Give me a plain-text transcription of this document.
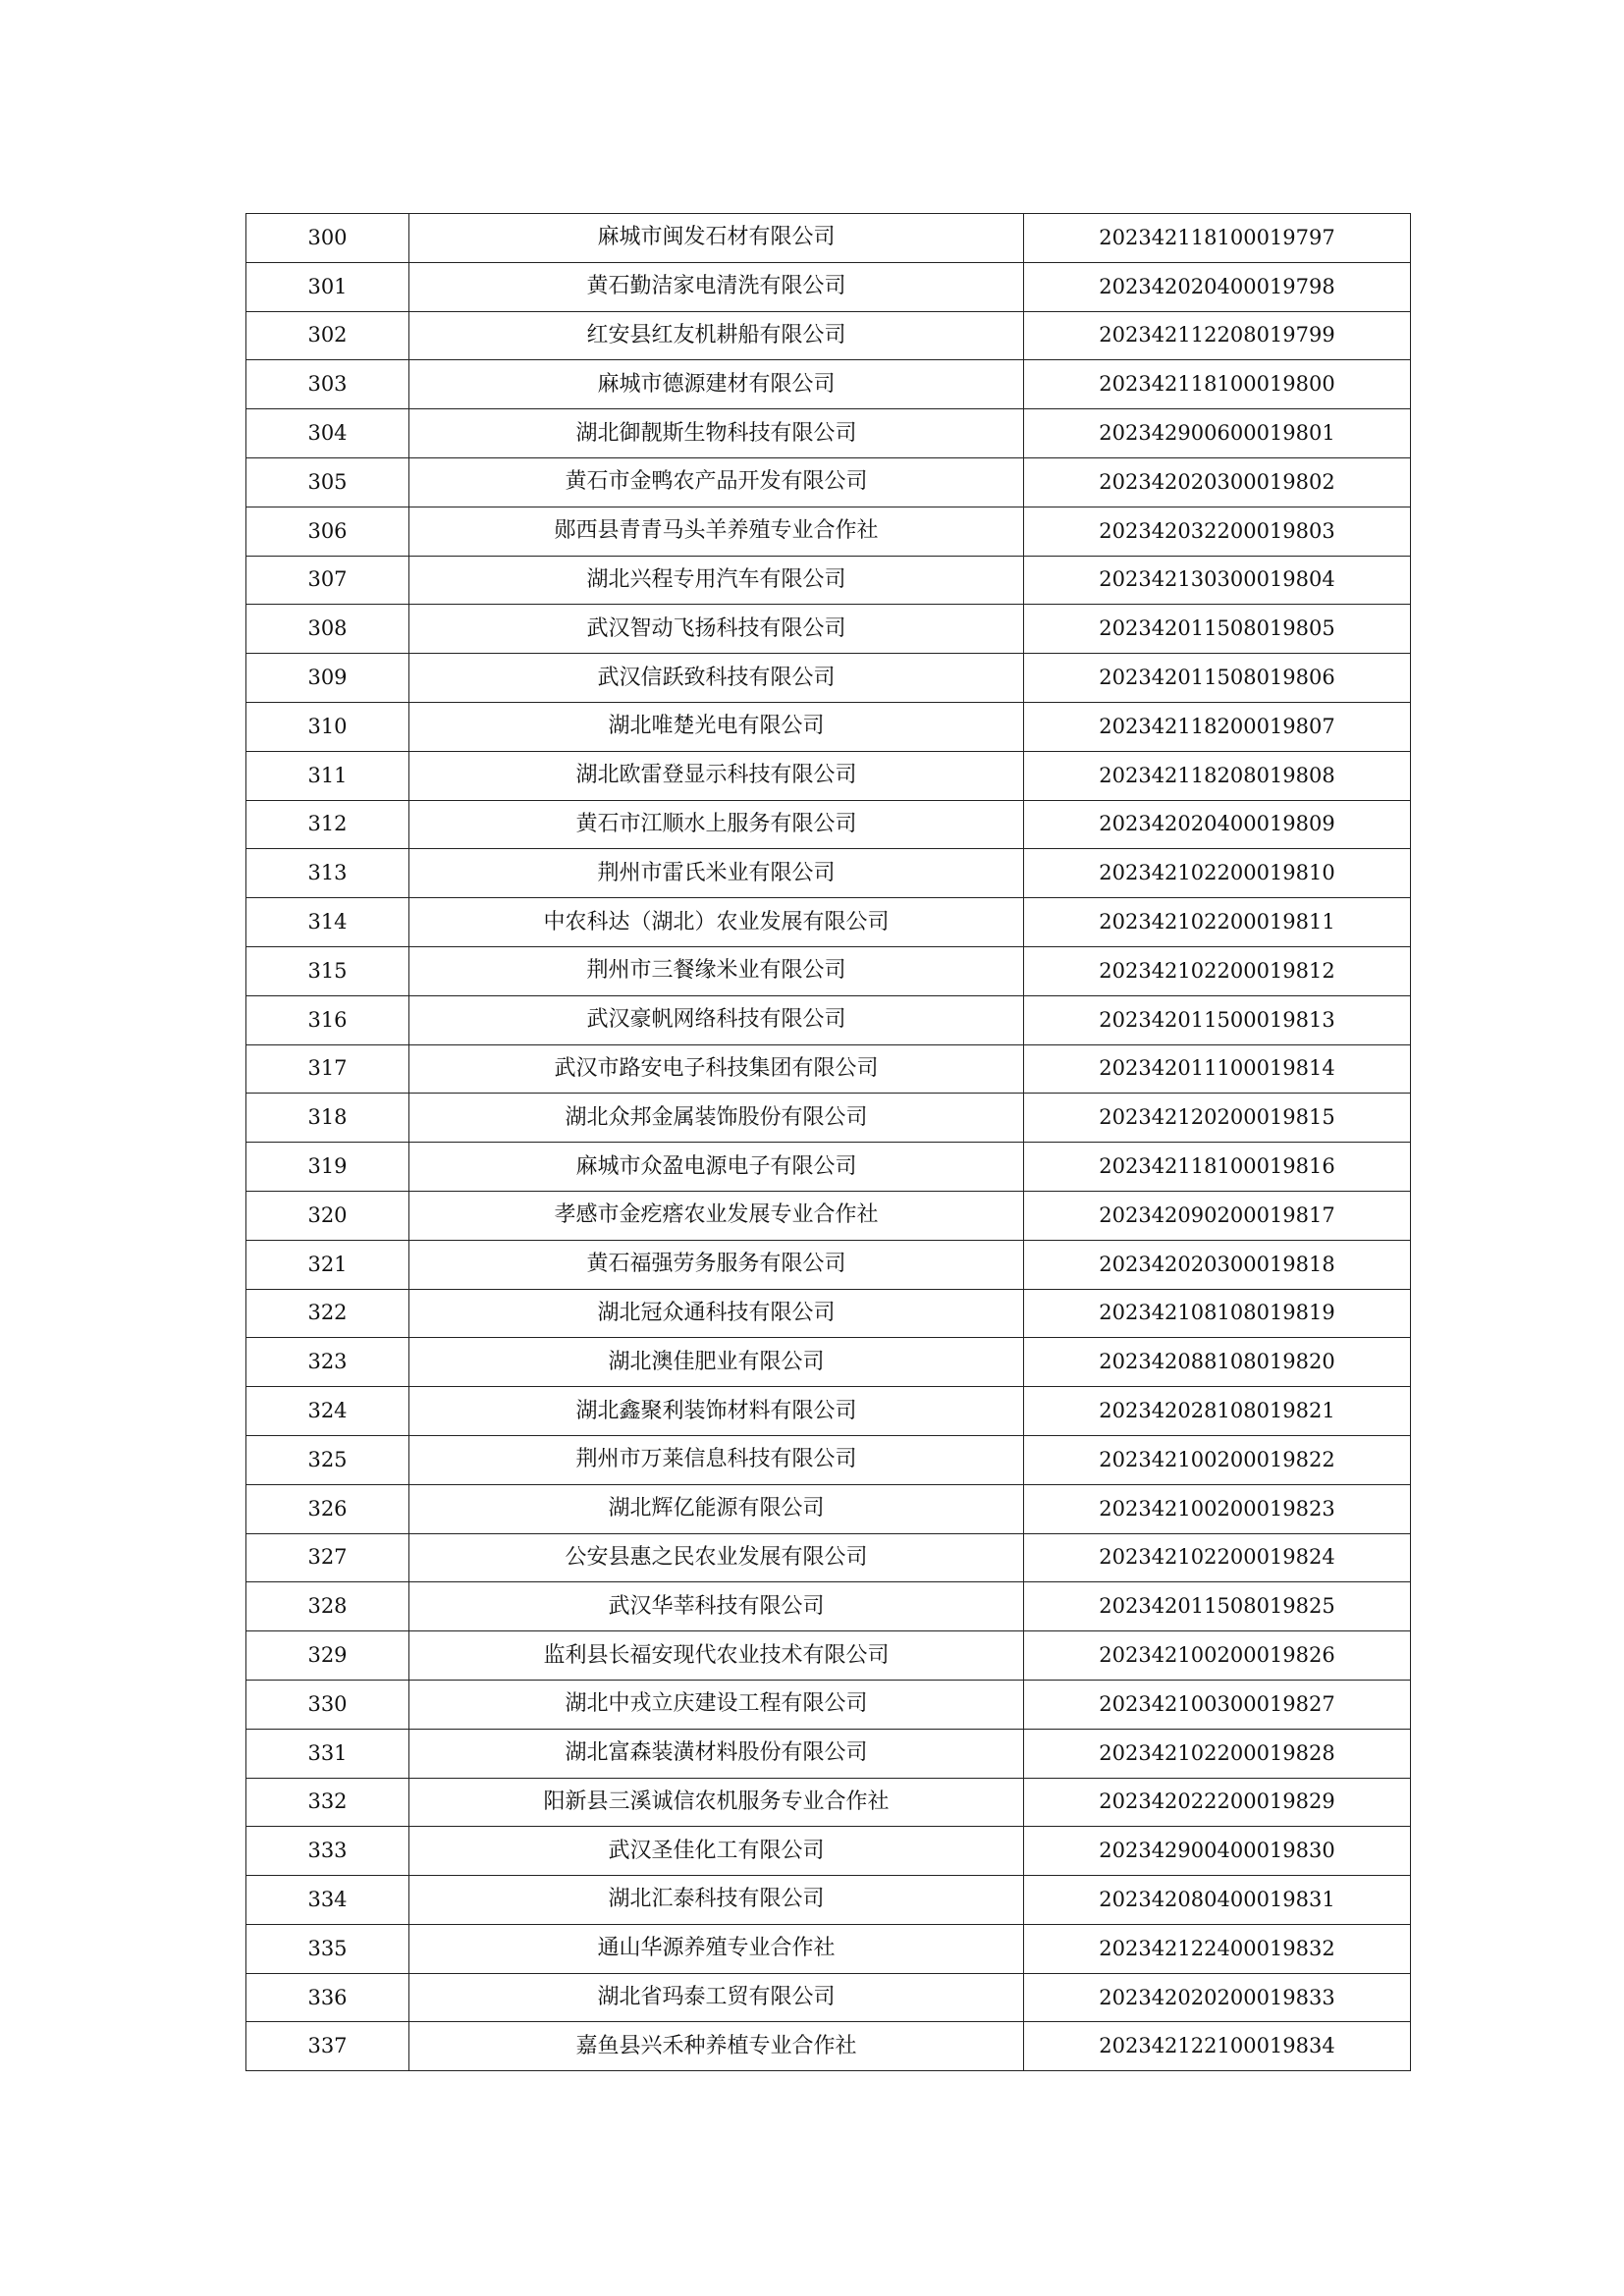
300	麻城市闽发石材有限公司	202342118100019797
301	黄石勤洁家电清洗有限公司	202342020400019798
302	红安县红友机耕船有限公司	202342112208019799
303	麻城市德源建材有限公司	202342118100019800
304	湖北御靓斯生物科技有限公司	202342900600019801
305	黄石市金鸭农产品开发有限公司	202342020300019802
306	郧西县青青马头羊养殖专业合作社	202342032200019803
307	湖北兴程专用汽车有限公司	202342130300019804
308	武汉智动飞扬科技有限公司	202342011508019805
309	武汉信跃致科技有限公司	202342011508019806
310	湖北唯楚光电有限公司	202342118200019807
311	湖北欧雷登显示科技有限公司	202342118208019808
312	黄石市江顺水上服务有限公司	202342020400019809
313	荆州市雷氏米业有限公司	202342102200019810
314	中农科达（湖北）农业发展有限公司	202342102200019811
315	荆州市三餐缘米业有限公司	202342102200019812
316	武汉豪帆网络科技有限公司	202342011500019813
317	武汉市路安电子科技集团有限公司	202342011100019814
318	湖北众邦金属装饰股份有限公司	202342120200019815
319	麻城市众盈电源电子有限公司	202342118100019816
320	孝感市金疙瘩农业发展专业合作社	202342090200019817
321	黄石福强劳务服务有限公司	202342020300019818
322	湖北冠众通科技有限公司	202342108108019819
323	湖北澳佳肥业有限公司	202342088108019820
324	湖北鑫聚利装饰材料有限公司	202342028108019821
325	荆州市万莱信息科技有限公司	202342100200019822
326	湖北辉亿能源有限公司	202342100200019823
327	公安县惠之民农业发展有限公司	202342102200019824
328	武汉华莘科技有限公司	202342011508019825
329	监利县长福安现代农业技术有限公司	202342100200019826
330	湖北中戎立庆建设工程有限公司	202342100300019827
331	湖北富森装潢材料股份有限公司	202342102200019828
332	阳新县三溪诚信农机服务专业合作社	202342022200019829
333	武汉圣佳化工有限公司	202342900400019830
334	湖北汇泰科技有限公司	202342080400019831
335	通山华源养殖专业合作社	202342122400019832
336	湖北省玛泰工贸有限公司	202342020200019833
337	嘉鱼县兴禾种养植专业合作社	202342122100019834
